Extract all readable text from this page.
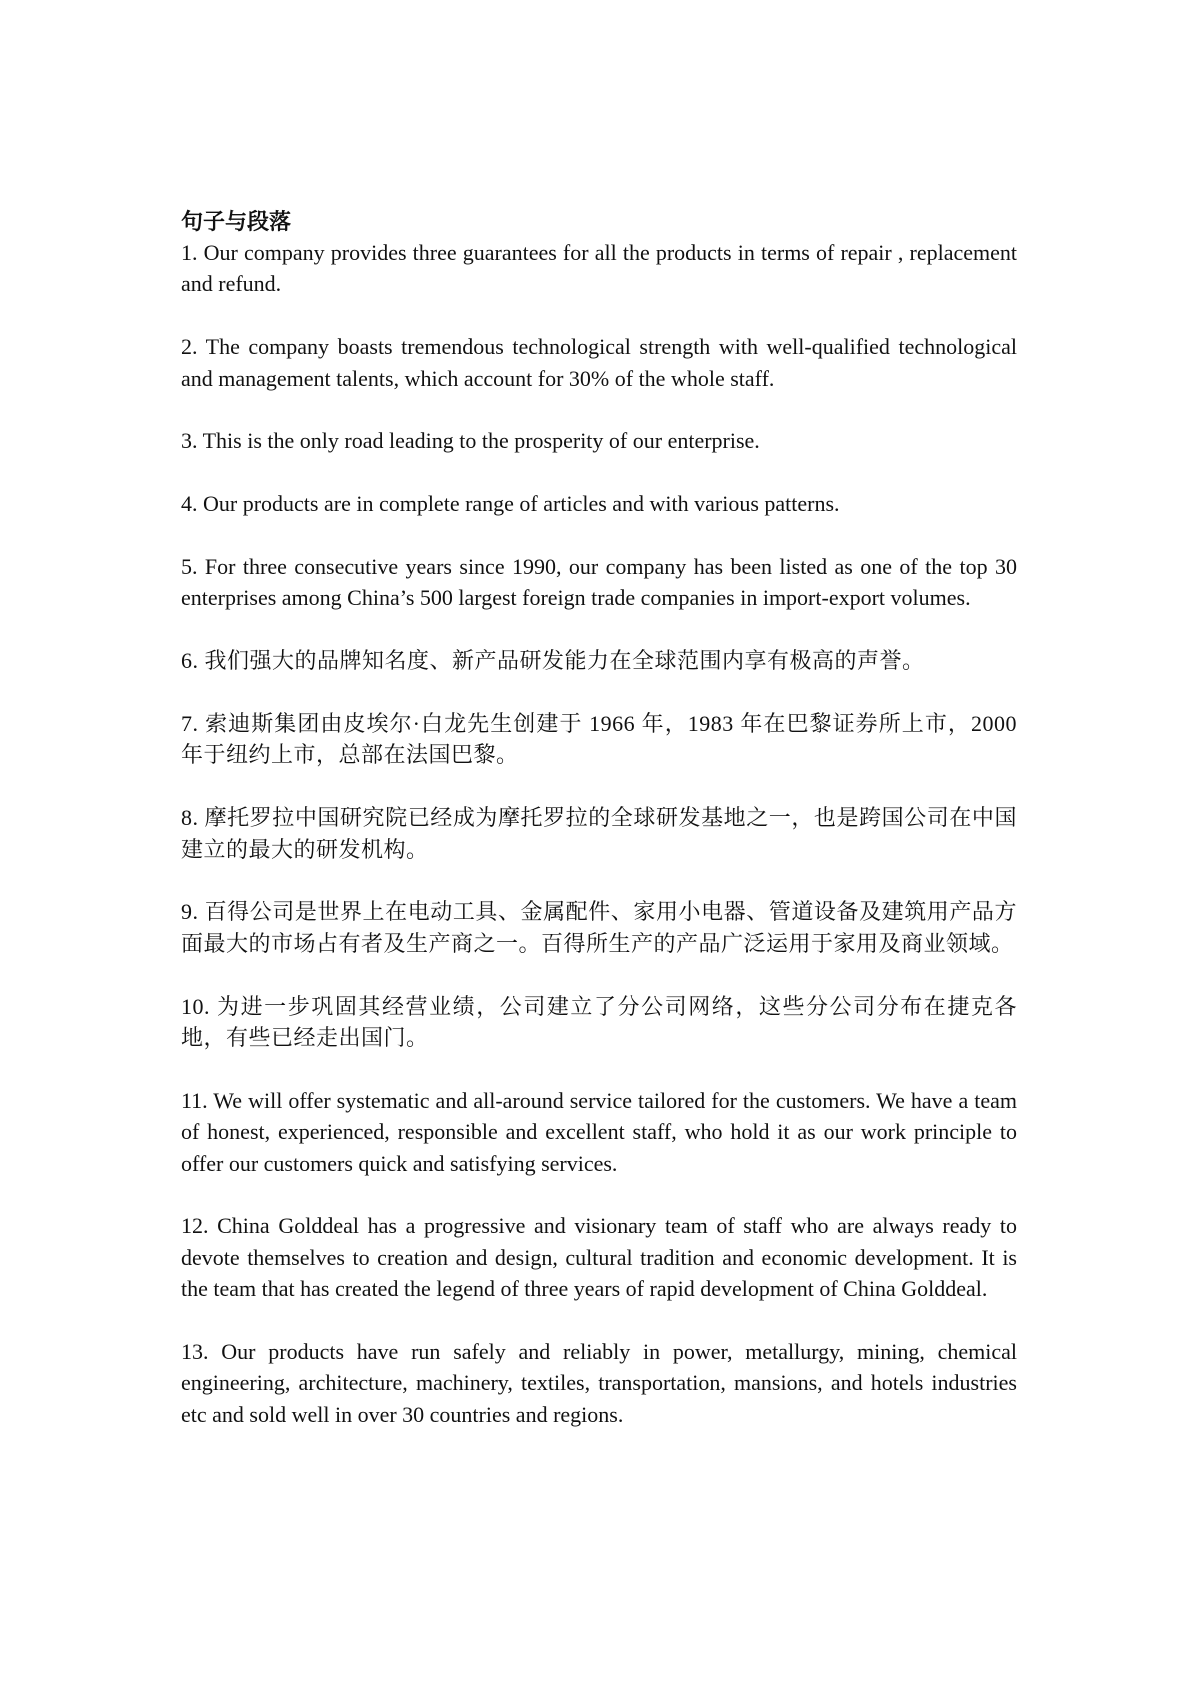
句子与段落

1. Our company provides three guarantees for all the products in terms of repair , replacement and refund.
2. The company boasts tremendous technological strength with well-qualified technological and management talents, which account for 30% of the whole staff.
3. This is the only road leading to the prosperity of our enterprise.
4. Our products are in complete range of articles and with various patterns.
5. For three consecutive years since 1990, our company has been listed as one of the top 30 enterprises among China’s 500 largest foreign trade companies in import-export volumes.
6. 我们强大的品牌知名度、新产品研发能力在全球范围内享有极高的声誉。
7. 索迪斯集团由皮埃尔·白龙先生创建于 1966 年，1983 年在巴黎证券所上市，2000 年于纽约上市，总部在法国巴黎。
8. 摩托罗拉中国研究院已经成为摩托罗拉的全球研发基地之一，也是跨国公司在中国建立的最大的研发机构。
9. 百得公司是世界上在电动工具、金属配件、家用小电器、管道设备及建筑用产品方面最大的市场占有者及生产商之一。百得所生产的产品广泛运用于家用及商业领域。
10. 为进一步巩固其经营业绩，公司建立了分公司网络，这些分公司分布在捷克各地，有些已经走出国门。
11. We will offer systematic and all-around service tailored for the customers. We have a team of honest, experienced, responsible and excellent staff, who hold it as our work principle to offer our customers quick and satisfying services.
12. China Golddeal has a progressive and visionary team of staff who are always ready to devote themselves to creation and design, cultural tradition and economic development. It is the team that has created the legend of three years of rapid development of China Golddeal.
13. Our products have run safely and reliably in power, metallurgy, mining, chemical engineering, architecture, machinery, textiles, transportation, mansions, and hotels industries etc and sold well in over 30 countries and regions.
